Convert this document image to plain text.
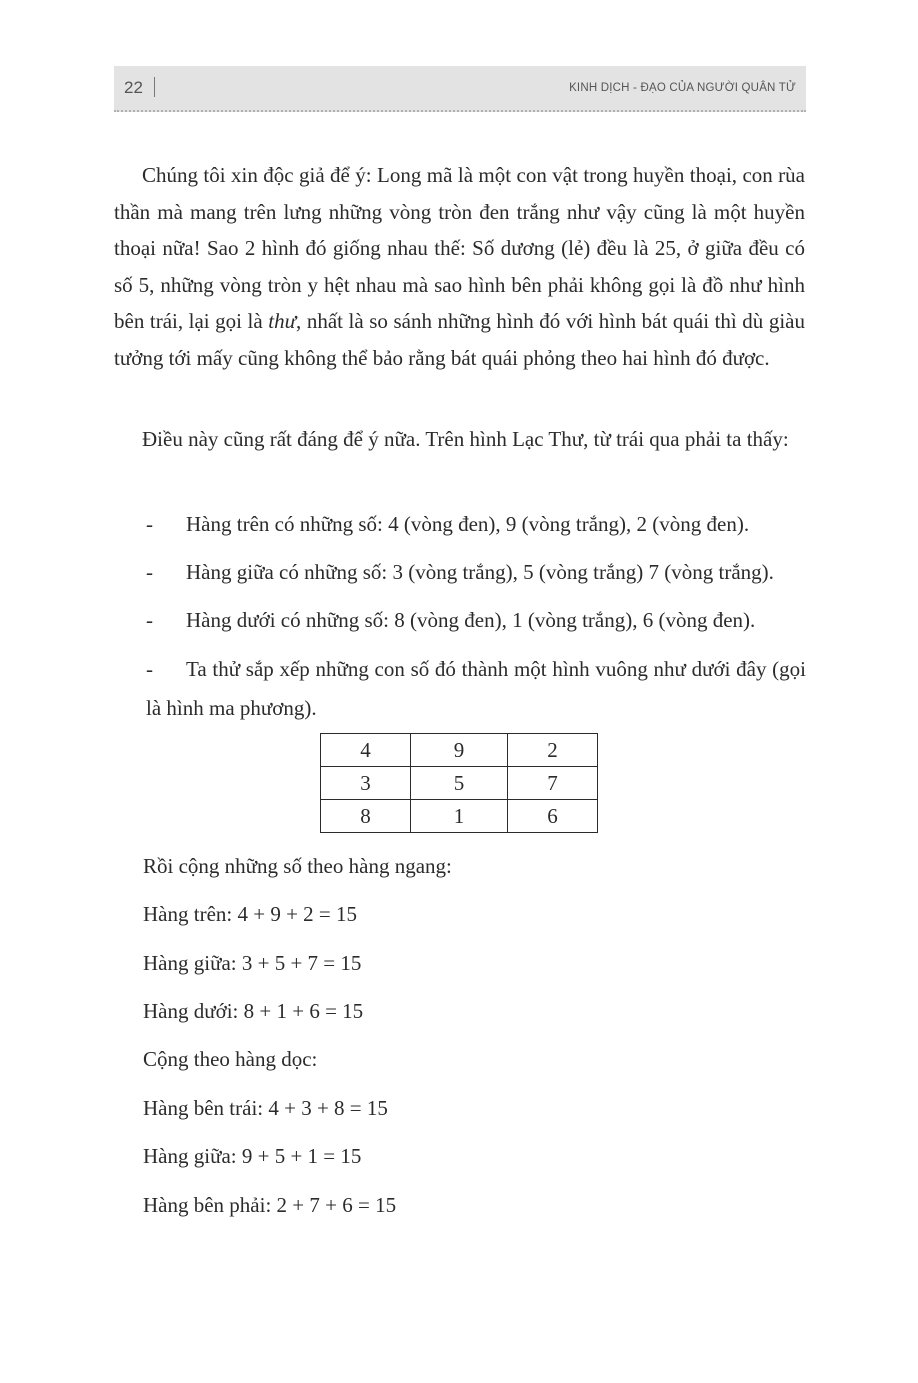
22	KINH DỊCH - ĐẠO CỦA NGƯỜI QUÂN TỬ

Chúng tôi xin độc giả để ý: Long mã là một con vật trong huyền thoại, con rùa thần mà mang trên lưng những vòng tròn đen trắng như vậy cũng là một huyền thoại nữa! Sao 2 hình đó giống nhau thế: Số dương (lẻ) đều là 25, ở giữa đều có số 5, những vòng tròn y hệt nhau mà sao hình bên phải không gọi là đồ như hình bên trái, lại gọi là thư, nhất là so sánh những hình đó với hình bát quái thì dù giàu tưởng tới mấy cũng không thể bảo rằng bát quái phỏng theo hai hình đó được.

Điều này cũng rất đáng để ý nữa. Trên hình Lạc Thư, từ trái qua phải ta thấy:

- Hàng trên có những số: 4 (vòng đen), 9 (vòng trắng), 2 (vòng đen).
- Hàng giữa có những số: 3 (vòng trắng), 5 (vòng trắng) 7 (vòng trắng).
- Hàng dưới có những số: 8 (vòng đen), 1 (vòng trắng), 6 (vòng đen).

- Ta thử sắp xếp những con số đó thành một hình vuông như dưới đây (gọi là hình ma phương).

4	9	2
3	5	7
8	1	6
Rồi cộng những số theo hàng ngang:
Hàng trên: 4 + 9 + 2 = 15
Hàng giữa: 3 + 5 + 7 = 15
Hàng dưới: 8 + 1 + 6 = 15
Cộng theo hàng dọc:
Hàng bên trái: 4 + 3 + 8 = 15
Hàng giữa: 9 + 5 + 1 = 15
Hàng bên phải: 2 + 7 + 6 = 15
